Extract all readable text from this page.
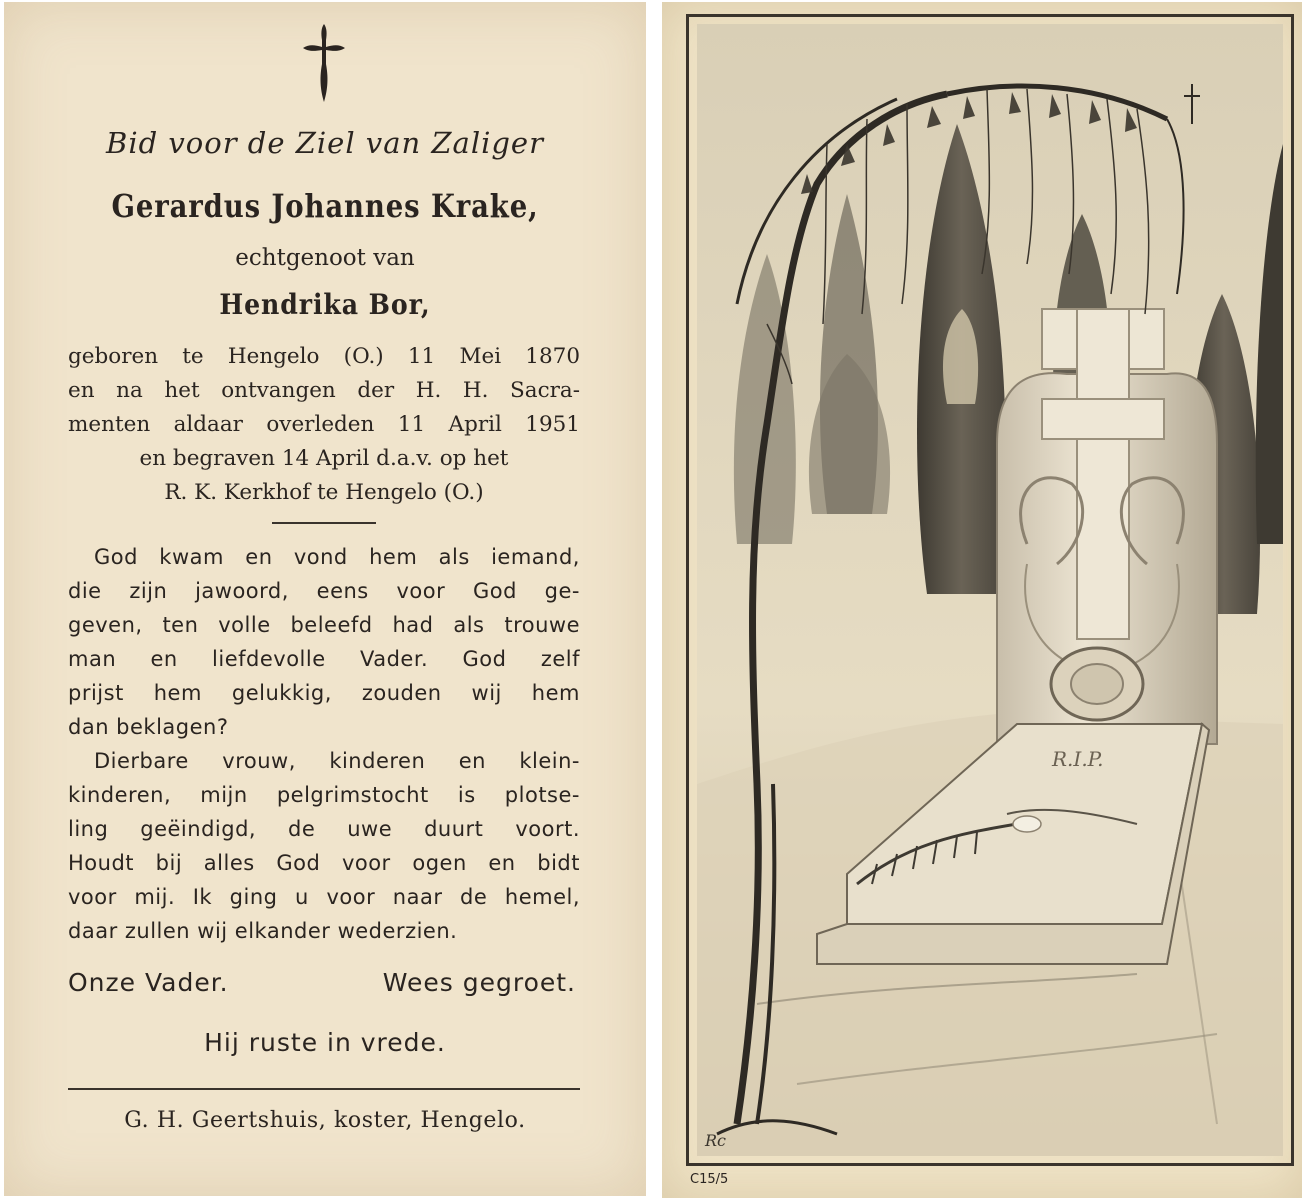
Bid voor de Ziel van Zaliger
Gerardus Johannes Krake,
echtgenoot van
Hendrika Bor,
geboren te Hengelo (O.) 11 Mei 1870
en na het ontvangen der H. H. Sacra-
menten aldaar overleden 11 April 1951
en begraven 14 April d.a.v. op het
R. K. Kerkhof te Hengelo (O.)
God kwam en vond hem als iemand,
die zijn jawoord, eens voor God ge-
geven, ten volle beleefd had als trouwe
man en liefdevolle Vader. God zelf
prijst hem gelukkig, zouden wij hem
dan beklagen?
Dierbare vrouw, kinderen en klein-
kinderen, mijn pelgrimstocht is plotse-
ling geëindigd, de uwe duurt voort.
Houdt bij alles God voor ogen en bidt
voor mij. Ik ging u voor naar de hemel,
daar zullen wij elkander wederzien.
Onze Vader.	Wees gegroet.
Hij ruste in vrede.
G. H. Geertshuis, koster, Hengelo.
R.I.P.
Rc
C15/5
